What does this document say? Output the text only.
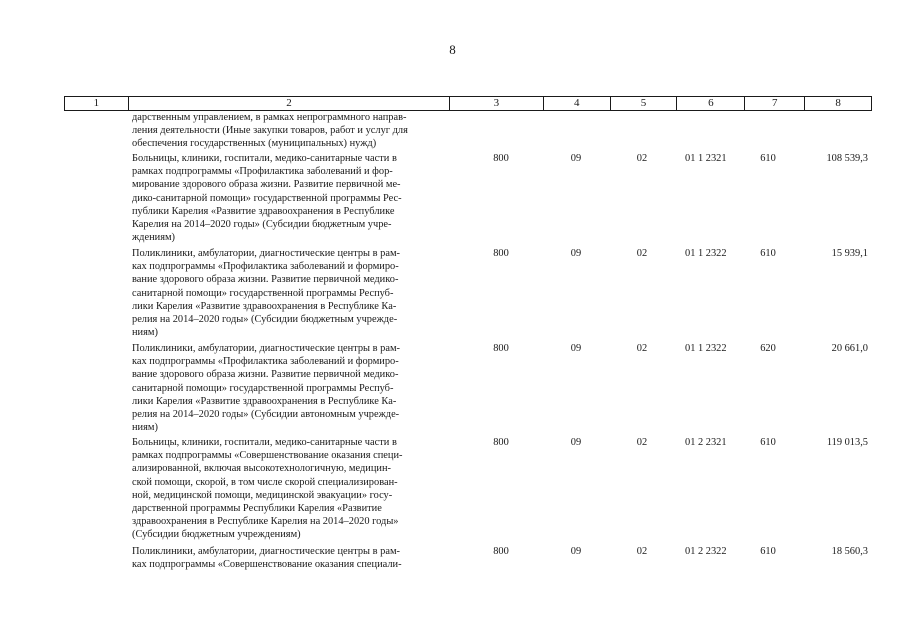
8
1	2	3	4	5	6	7	8
дарственным управлением, в рамках непрограммного направ-
ления деятельности (Иные закупки товаров, работ и услуг для
обеспечения государственных (муниципальных) нужд)
Больницы, клиники, госпитали, медико-санитарные части в
рамках подпрограммы «Профилактика заболеваний и фор-
мирование здорового образа жизни. Развитие первичной ме-
дико-санитарной помощи» государственной программы Рес-
публики Карелия «Развитие здравоохранения в Республике
Карелия на 2014–2020 годы» (Субсидии бюджетным учре-
ждениям)
800	09	02	01 1 2321	610	108 539,3
Поликлиники, амбулатории, диагностические центры в рам-
ках подпрограммы «Профилактика заболеваний и формиро-
вание здорового образа жизни. Развитие первичной медико-
санитарной помощи» государственной программы Респуб-
лики Карелия «Развитие здравоохранения в Республике Ка-
релия на 2014–2020 годы» (Субсидии бюджетным учрежде-
ниям)
800	09	02	01 1 2322	610	15 939,1
Поликлиники, амбулатории, диагностические центры в рам-
ках подпрограммы «Профилактика заболеваний и формиро-
вание здорового образа жизни. Развитие первичной медико-
санитарной помощи» государственной программы Респуб-
лики Карелия «Развитие здравоохранения в Республике Ка-
релия на 2014–2020 годы» (Субсидии автономным учрежде-
ниям)
800	09	02	01 1 2322	620	20 661,0
Больницы, клиники, госпитали, медико-санитарные части в
рамках подпрограммы «Совершенствование оказания специ-
ализированной, включая высокотехнологичную, медицин-
ской помощи, скорой, в том числе скорой специализирован-
ной, медицинской помощи, медицинской эвакуации» госу-
дарственной программы Республики Карелия «Развитие
здравоохранения в Республике Карелия на 2014–2020 годы»
(Субсидии бюджетным учреждениям)
800	09	02	01 2 2321	610	119 013,5
Поликлиники, амбулатории, диагностические центры в рам-
ках подпрограммы «Совершенствование оказания специали-
800	09	02	01 2 2322	610	18 560,3
